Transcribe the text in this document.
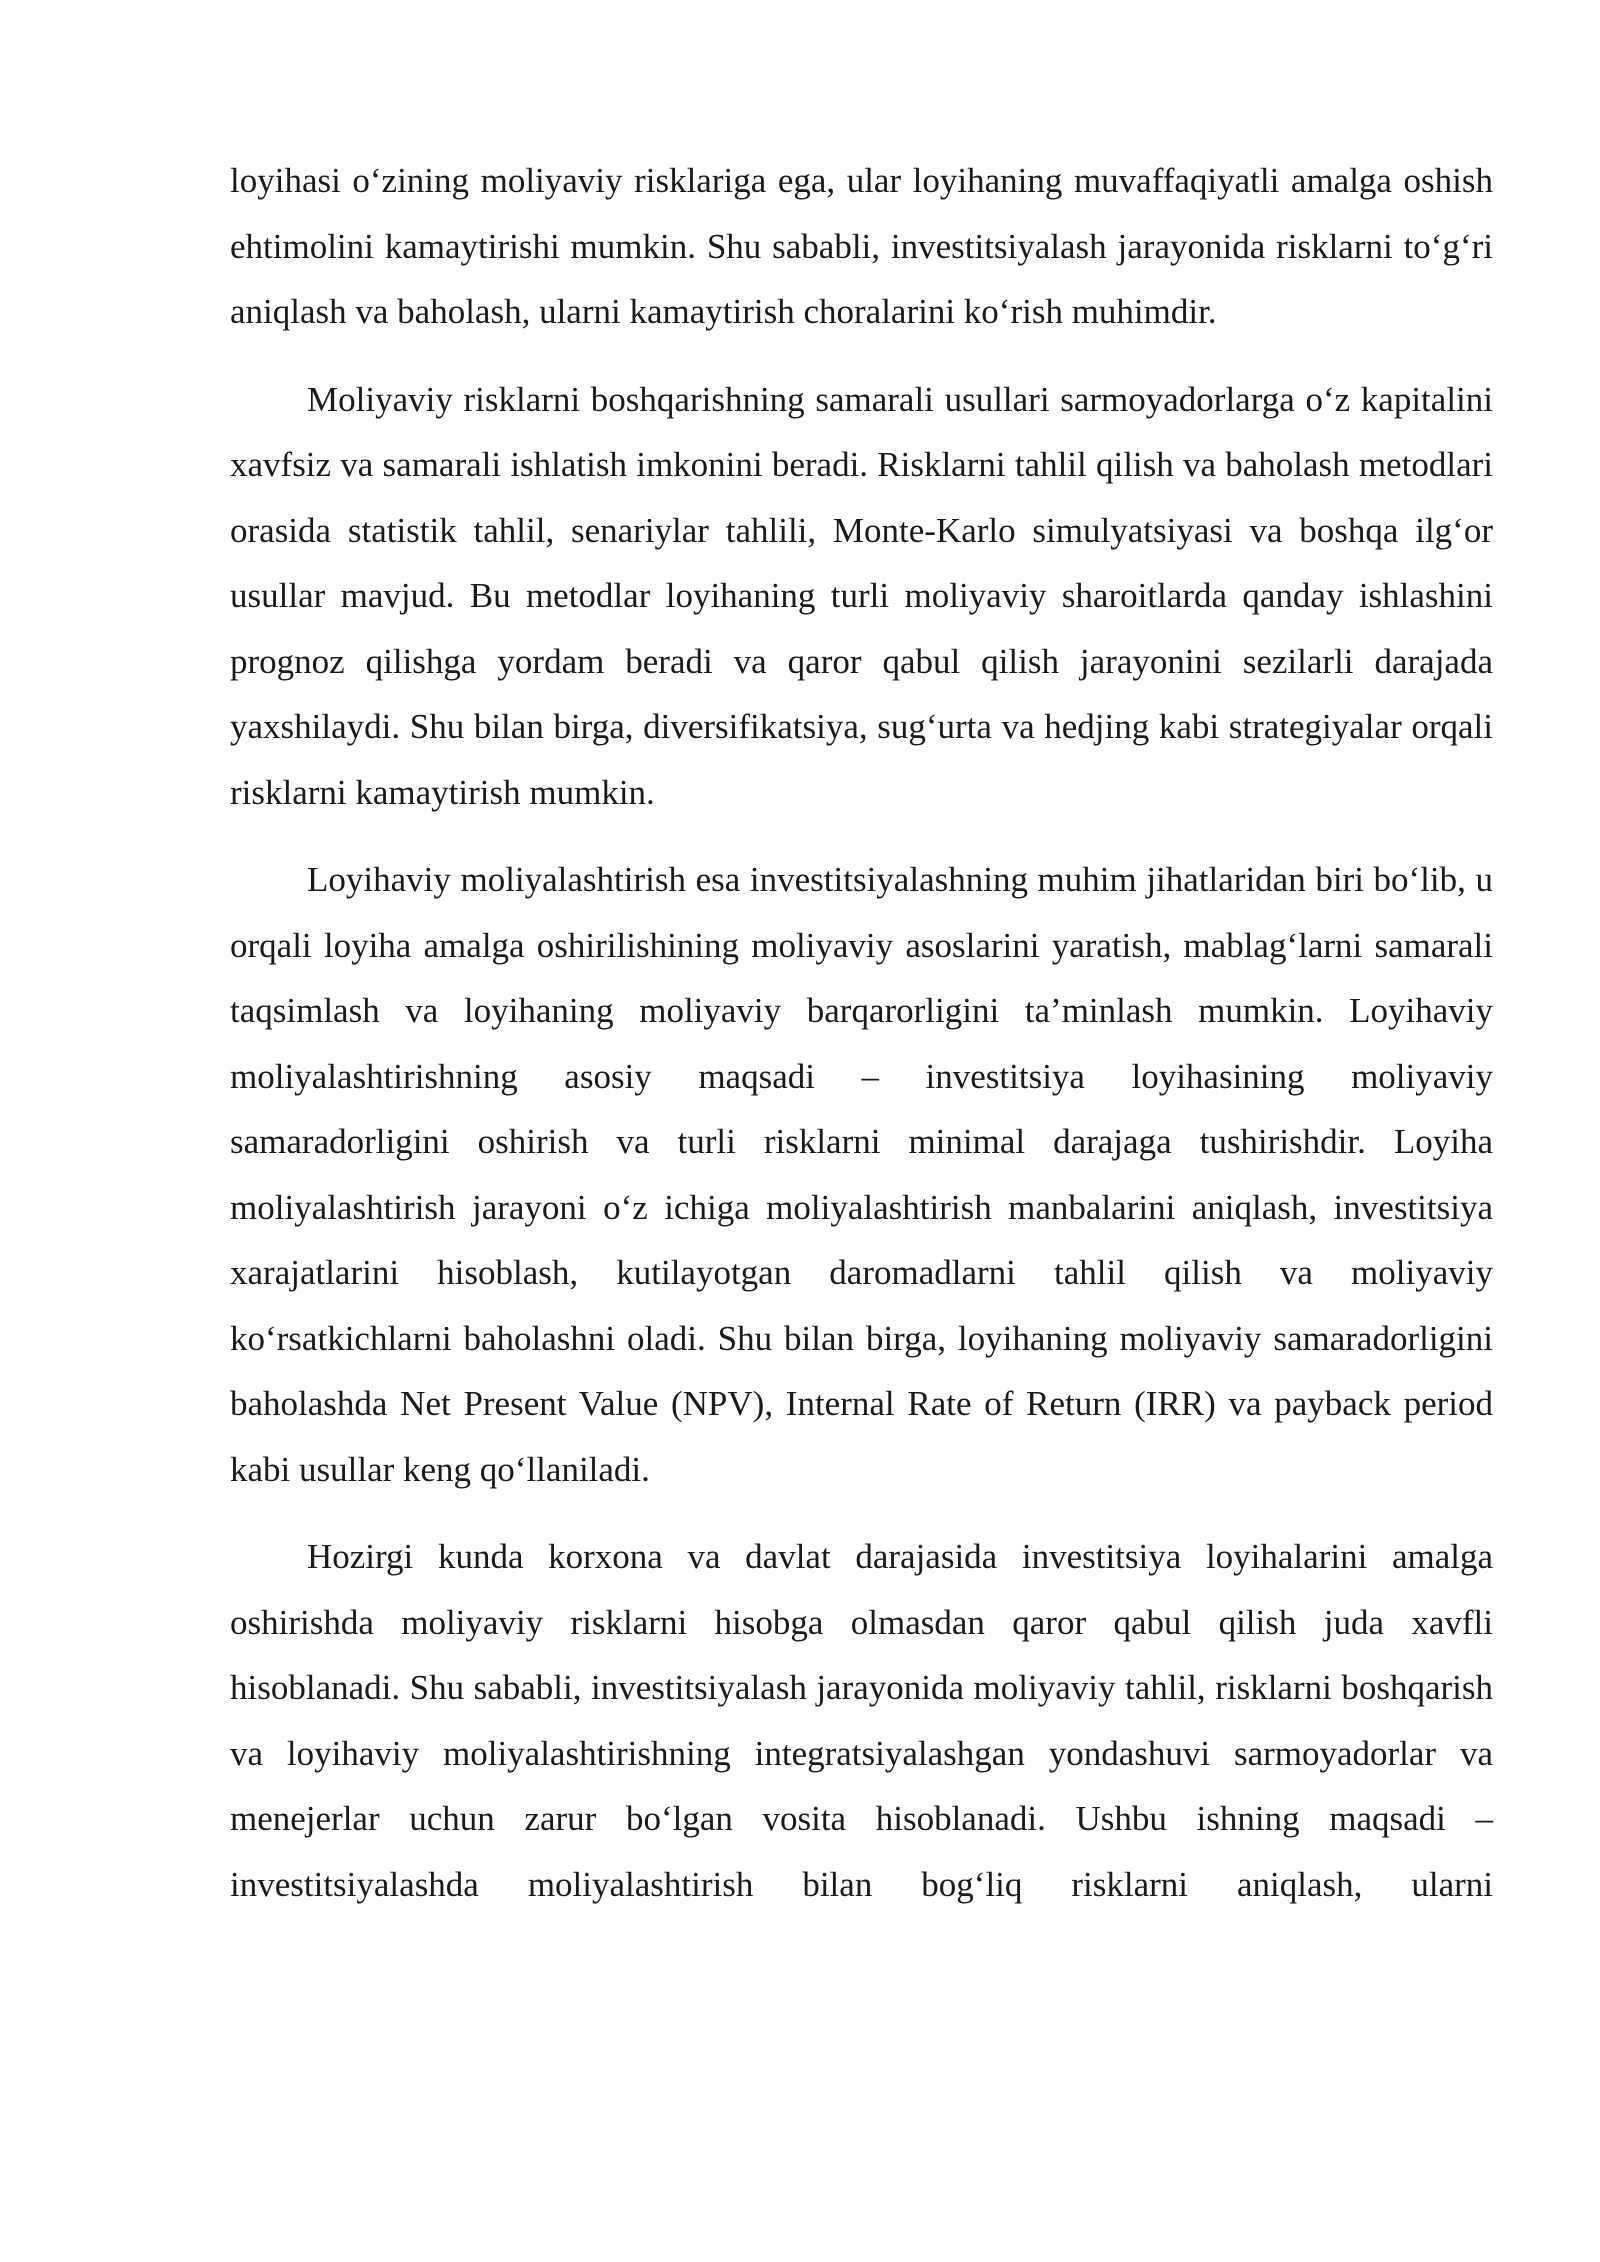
loyihasi o‘zining moliyaviy risklariga ega, ular loyihaning muvaffaqiyatli amalga oshish ehtimolini kamaytirishi mumkin. Shu sababli, investitsiyalash jarayonida risklarni to‘g‘ri aniqlash va baholash, ularni kamaytirish choralarini ko‘rish muhimdir.

Moliyaviy risklarni boshqarishning samarali usullari sarmoyadorlarga o‘z kapitalini xavfsiz va samarali ishlatish imkonini beradi. Risklarni tahlil qilish va baholash metodlari orasida statistik tahlil, senariylar tahlili, Monte-Karlo simulyatsiyasi va boshqa ilg‘or usullar mavjud. Bu metodlar loyihaning turli moliyaviy sharoitlarda qanday ishlashini prognoz qilishga yordam beradi va qaror qabul qilish jarayonini sezilarli darajada yaxshilaydi. Shu bilan birga, diversifikatsiya, sug‘urta va hedjing kabi strategiyalar orqali risklarni kamaytirish mumkin.

Loyihaviy moliyalashtirish esa investitsiyalashning muhim jihatlaridan biri bo‘lib, u orqali loyiha amalga oshirilishining moliyaviy asoslarini yaratish, mablag‘larni samarali taqsimlash va loyihaning moliyaviy barqarorligini ta’minlash mumkin. Loyihaviy moliyalashtirishning asosiy maqsadi – investitsiya loyihasining moliyaviy samaradorligini oshirish va turli risklarni minimal darajaga tushirishdir. Loyiha moliyalashtirish jarayoni o‘z ichiga moliyalashtirish manbalarini aniqlash, investitsiya xarajatlarini hisoblash, kutilayotgan daromadlarni tahlil qilish va moliyaviy ko‘rsatkichlarni baholashni oladi. Shu bilan birga, loyihaning moliyaviy samaradorligini baholashda Net Present Value (NPV), Internal Rate of Return (IRR) va payback period kabi usullar keng qo‘llaniladi.

Hozirgi kunda korxona va davlat darajasida investitsiya loyihalarini amalga oshirishda moliyaviy risklarni hisobga olmasdan qaror qabul qilish juda xavfli hisoblanadi. Shu sababli, investitsiyalash jarayonida moliyaviy tahlil, risklarni boshqarish va loyihaviy moliyalashtirishning integratsiyalashgan yondashuvi sarmoyadorlar va menejerlar uchun zarur bo‘lgan vosita hisoblanadi. Ushbu ishning maqsadi – investitsiyalashda moliyalashtirish bilan bog‘liq risklarni aniqlash, ularni
